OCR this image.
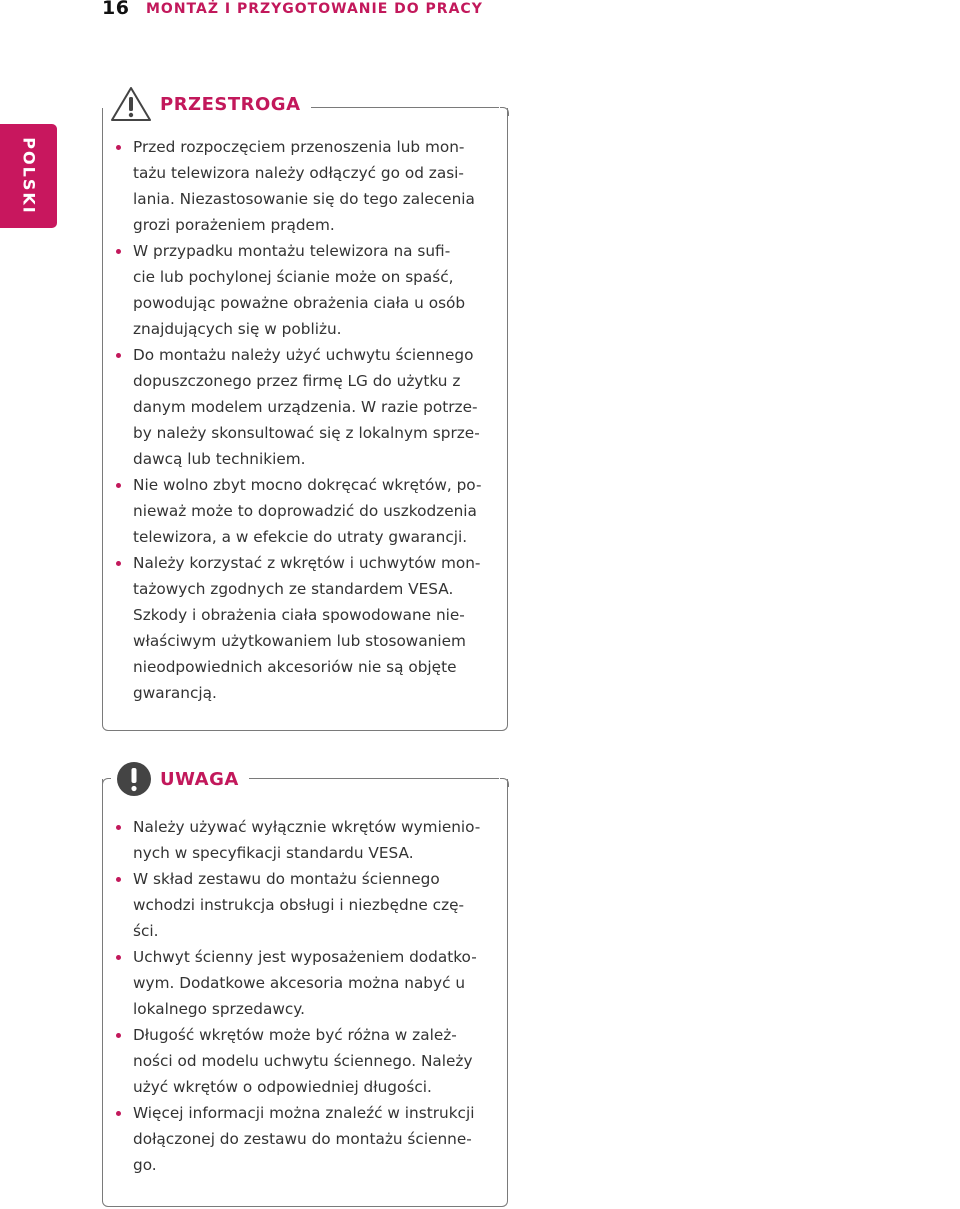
16 MONTAŻ I PRZYGOTOWANIE DO PRACY
POLSKI	Przed rozpoczęciem przenoszenia lub mon-
tażu telewizora należy odłączyć go od zasi-
lania. Niezastosowanie się do tego zalecenia
grozi porażeniem prądem.
W przypadku montażu telewizora na sufi-
cie lub pochylonej ścianie może on spaść,
powodując poważne obrażenia ciała u osób
znajdujących się w pobliżu.
Do montażu należy użyć uchwytu ściennego
dopuszczonego przez firmę LG do użytku z
danym modelem urządzenia. W razie potrze-
by należy skonsultować się z lokalnym sprze-
dawcą lub technikiem.
Nie wolno zbyt mocno dokręcać wkrętów, po-
nieważ może to doprowadzić do uszkodzenia
telewizora, a w efekcie do utraty gwarancji.
Należy korzystać z wkrętów i uchwytów mon-
tażowych zgodnych ze standardem VESA.
Szkody i obrażenia ciała spowodowane nie-
właściwym użytkowaniem lub stosowaniem
nieodpowiednich akcesoriów nie są objęte
gwarancją.
PRZESTROGA
Należy używać wyłącznie wkrętów wymienio-
nych w specyfikacji standardu VESA.
W skład zestawu do montażu ściennego
wchodzi instrukcja obsługi i niezbędne czę-
ści.
Uchwyt ścienny jest wyposażeniem dodatko-
wym. Dodatkowe akcesoria można nabyć u
lokalnego sprzedawcy.
Długość wkrętów może być różna w zależ-
ności od modelu uchwytu ściennego. Należy
użyć wkrętów o odpowiedniej długości.
Więcej informacji można znaleźć w instrukcji
dołączonej do zestawu do montażu ścienne-
go.
UWAGA
